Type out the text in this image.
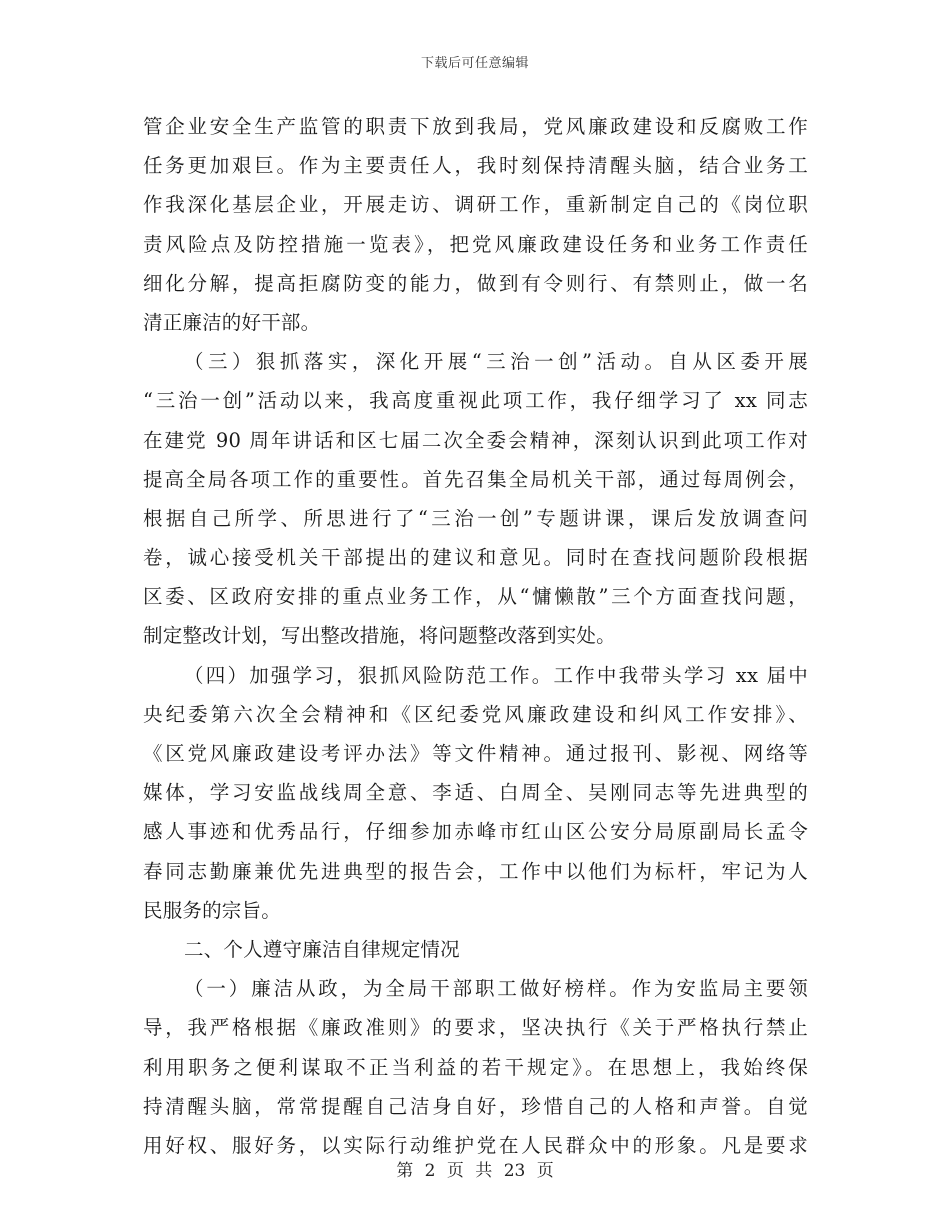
下载后可任意编辑
管企业安全生产监管的职责下放到我局，党风廉政建设和反腐败工作
任务更加艰巨。作为主要责任人，我时刻保持清醒头脑，结合业务工
作我深化基层企业，开展走访、调研工作，重新制定自己的《岗位职
责风险点及防控措施一览表》，把党风廉政建设任务和业务工作责任
细化分解，提高拒腐防变的能力，做到有令则行、有禁则止，做一名
清正廉洁的好干部。
（三）狠抓落实，深化开展“三治一创”活动。自从区委开展
“三治一创”活动以来，我高度重视此项工作，我仔细学习了 xx 同志
在建党 90 周年讲话和区七届二次全委会精神，深刻认识到此项工作对
提高全局各项工作的重要性。首先召集全局机关干部，通过每周例会，
根据自己所学、所思进行了“三治一创”专题讲课，课后发放调查问
卷，诚心接受机关干部提出的建议和意见。同时在查找问题阶段根据
区委、区政府安排的重点业务工作，从“慵懒散”三个方面查找问题，
制定整改计划，写出整改措施，将问题整改落到实处。
（四）加强学习，狠抓风险防范工作。工作中我带头学习 xx 届中
央纪委第六次全会精神和《区纪委党风廉政建设和纠风工作安排》、
《区党风廉政建设考评办法》等文件精神。通过报刊、影视、网络等
媒体，学习安监战线周全意、李适、白周全、吴刚同志等先进典型的
感人事迹和优秀品行，仔细参加赤峰市红山区公安分局原副局长孟令
春同志勤廉兼优先进典型的报告会，工作中以他们为标杆，牢记为人
民服务的宗旨。
二、个人遵守廉洁自律规定情况
（一）廉洁从政，为全局干部职工做好榜样。作为安监局主要领
导，我严格根据《廉政准则》的要求，坚决执行《关于严格执行禁止
利用职务之便利谋取不正当利益的若干规定》。在思想上，我始终保
持清醒头脑，常常提醒自己洁身自好，珍惜自己的人格和声誉。自觉
用好权、服好务，以实际行动维护党在人民群众中的形象。凡是要求
第 2 页 共 23 页
